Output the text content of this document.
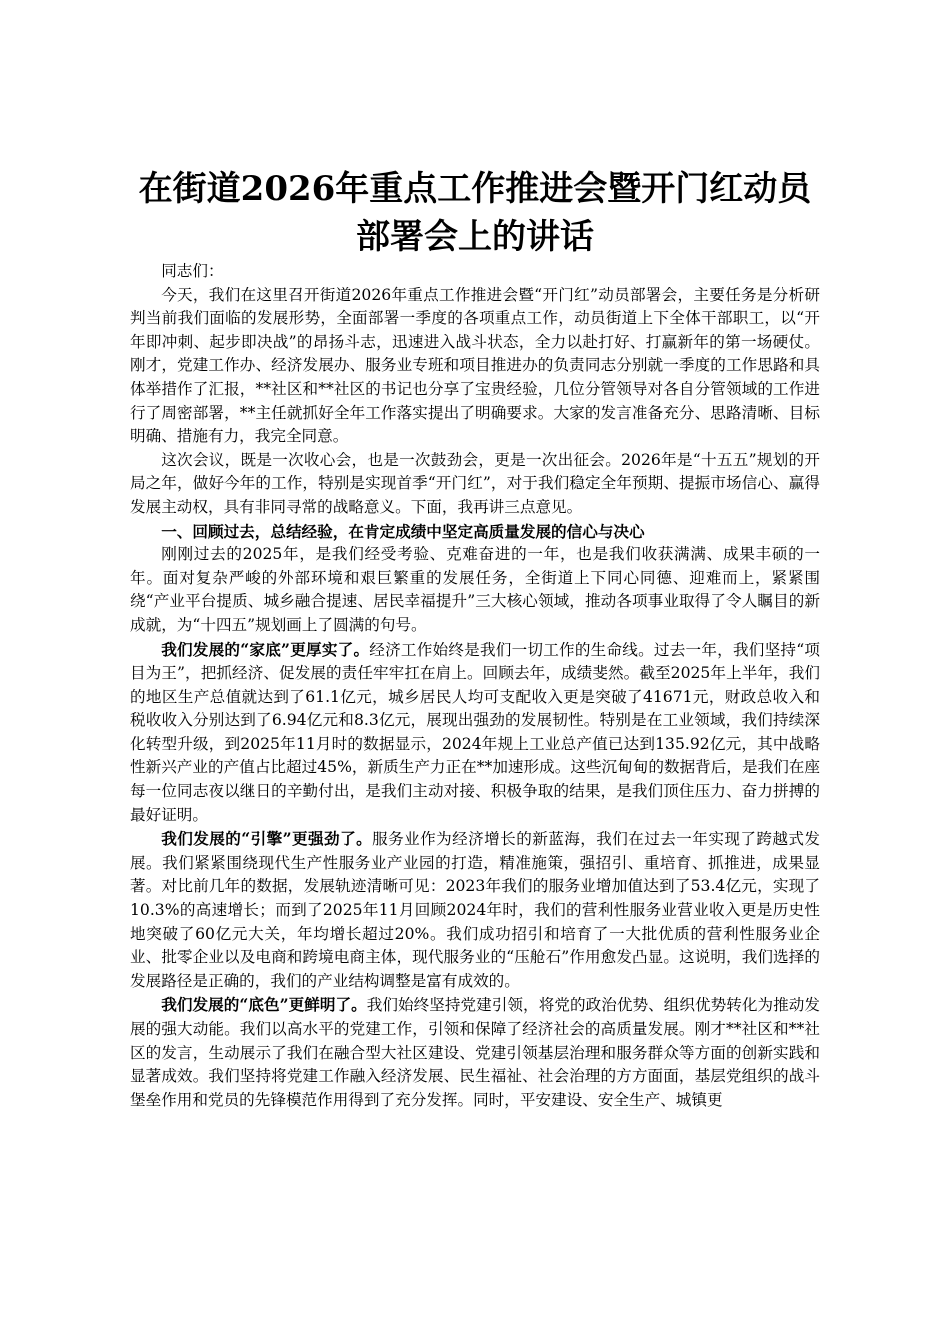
在街道2026年重点工作推进会暨开门红动员
部署会上的讲话

同志们：

今天，我们在这里召开街道2026年重点工作推进会暨“开门红”动员部署会，主要任务是分析研判当前我们面临的发展形势，全面部署一季度的各项重点工作，动员街道上下全体干部职工，以“开年即冲刺、起步即决战”的昂扬斗志，迅速进入战斗状态，全力以赴打好、打赢新年的第一场硬仗。刚才，党建工作办、经济发展办、服务业专班和项目推进办的负责同志分别就一季度的工作思路和具体举措作了汇报，**社区和**社区的书记也分享了宝贵经验，几位分管领导对各自分管领域的工作进行了周密部署，**主任就抓好全年工作落实提出了明确要求。大家的发言准备充分、思路清晰、目标明确、措施有力，我完全同意。

这次会议，既是一次收心会，也是一次鼓劲会，更是一次出征会。2026年是“十五五”规划的开局之年，做好今年的工作，特别是实现首季“开门红”，对于我们稳定全年预期、提振市场信心、赢得发展主动权，具有非同寻常的战略意义。下面，我再讲三点意见。

一、回顾过去，总结经验，在肯定成绩中坚定高质量发展的信心与决心

刚刚过去的2025年，是我们经受考验、克难奋进的一年，也是我们收获满满、成果丰硕的一年。面对复杂严峻的外部环境和艰巨繁重的发展任务，全街道上下同心同德、迎难而上，紧紧围绕“产业平台提质、城乡融合提速、居民幸福提升”三大核心领域，推动各项事业取得了令人瞩目的新成就，为“十四五”规划画上了圆满的句号。

我们发展的“家底”更厚实了。经济工作始终是我们一切工作的生命线。过去一年，我们坚持“项目为王”，把抓经济、促发展的责任牢牢扛在肩上。回顾去年，成绩斐然。截至2025年上半年，我们的地区生产总值就达到了61.1亿元，城乡居民人均可支配收入更是突破了41671元，财政总收入和税收收入分别达到了6.94亿元和8.3亿元，展现出强劲的发展韧性。特别是在工业领域，我们持续深化转型升级，到2025年11月时的数据显示，2024年规上工业总产值已达到135.92亿元，其中战略性新兴产业的产值占比超过45%，新质生产力正在**加速形成。这些沉甸甸的数据背后，是我们在座每一位同志夜以继日的辛勤付出，是我们主动对接、积极争取的结果，是我们顶住压力、奋力拼搏的最好证明。

我们发展的“引擎”更强劲了。服务业作为经济增长的新蓝海，我们在过去一年实现了跨越式发展。我们紧紧围绕现代生产性服务业产业园的打造，精准施策，强招引、重培育、抓推进，成果显著。对比前几年的数据，发展轨迹清晰可见：2023年我们的服务业增加值达到了53.4亿元，实现了10.3%的高速增长；而到了2025年11月回顾2024年时，我们的营利性服务业营业收入更是历史性地突破了60亿元大关，年均增长超过20%。我们成功招引和培育了一大批优质的营利性服务业企业、批零企业以及电商和跨境电商主体，现代服务业的“压舱石”作用愈发凸显。这说明，我们选择的发展路径是正确的，我们的产业结构调整是富有成效的。

我们发展的“底色”更鲜明了。我们始终坚持党建引领，将党的政治优势、组织优势转化为推动发展的强大动能。我们以高水平的党建工作，引领和保障了经济社会的高质量发展。刚才**社区和**社区的发言，生动展示了我们在融合型大社区建设、党建引领基层治理和服务群众等方面的创新实践和显著成效。我们坚持将党建工作融入经济发展、民生福祉、社会治理的方方面面，基层党组织的战斗堡垒作用和党员的先锋模范作用得到了充分发挥。同时，平安建设、安全生产、城镇更
